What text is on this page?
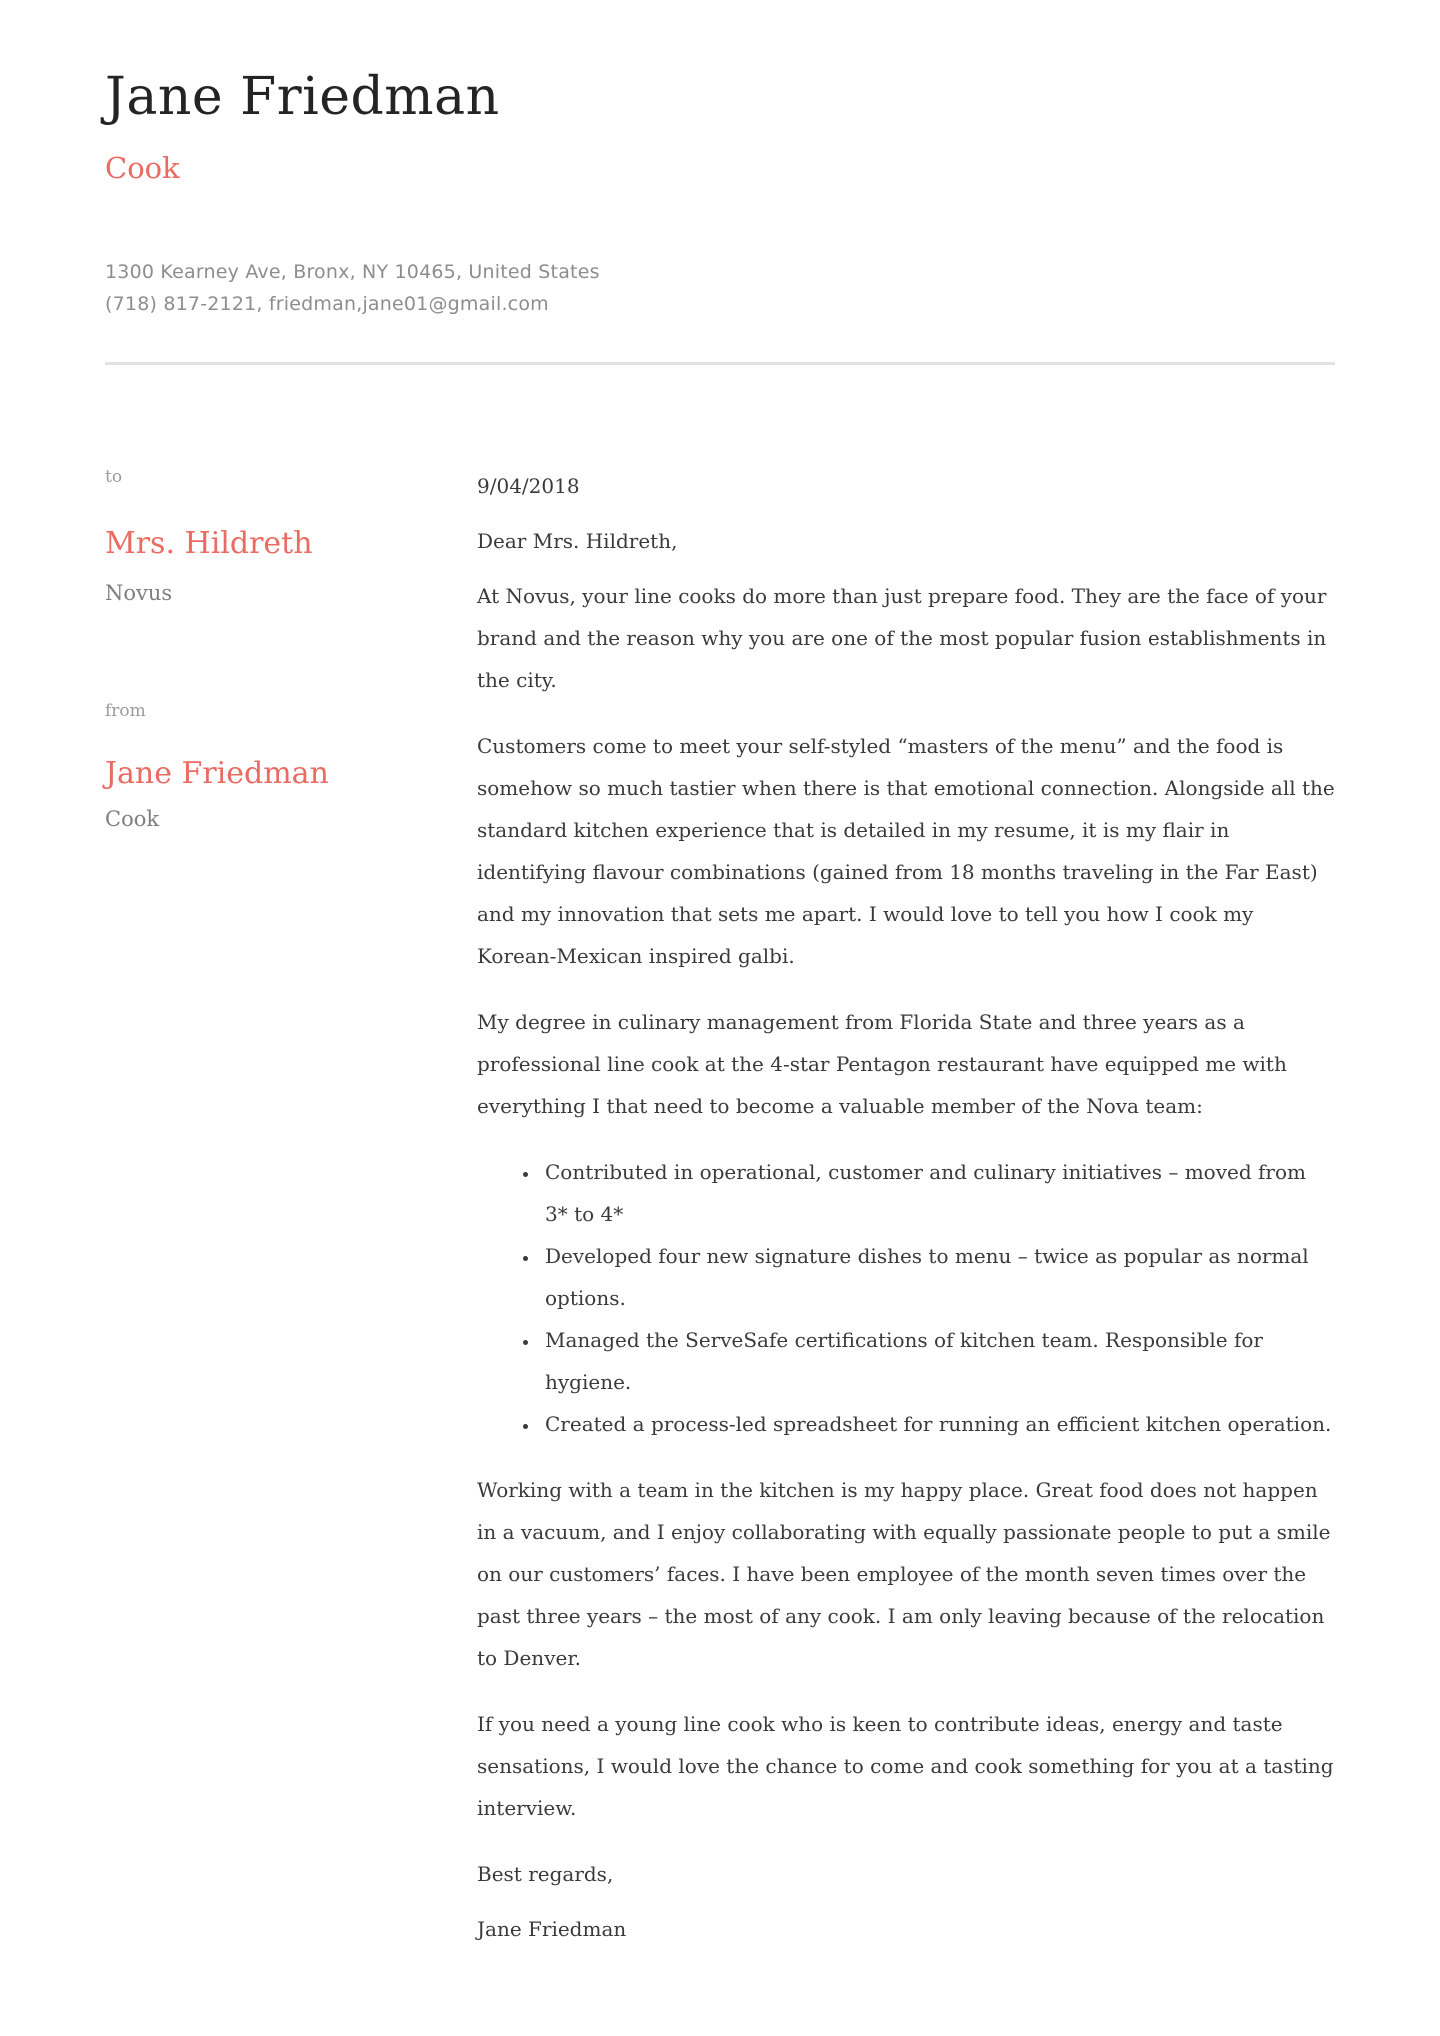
Jane Friedman
Cook
1300 Kearney Ave, Bronx, NY 10465, United States
(718) 817-2121, friedman,jane01@gmail.com
to
Mrs. Hildreth
Novus
from
Jane Friedman
Cook
9/04/2018

Dear Mrs. Hildreth,

At Novus, your line cooks do more than just prepare food. They are the face of your brand and the reason why you are one of the most popular fusion establishments in the city.

Customers come to meet your self-styled “masters of the menu” and the food is somehow so much tastier when there is that emotional connection. Alongside all the standard kitchen experience that is detailed in my resume, it is my flair in identifying flavour combinations (gained from 18 months traveling in the Far East) and my innovation that sets me apart. I would love to tell you how I cook my Korean-Mexican inspired galbi.

My degree in culinary management from Florida State and three years as a professional line cook at the 4-star Pentagon restaurant have equipped me with everything I that need to become a valuable member of the Nova team:

• Contributed in operational, customer and culinary initiatives – moved from 3* to 4*
• Developed four new signature dishes to menu – twice as popular as normal options.
• Managed the ServeSafe certifications of kitchen team. Responsible for hygiene.
• Created a process-led spreadsheet for running an efficient kitchen operation.

Working with a team in the kitchen is my happy place. Great food does not happen in a vacuum, and I enjoy collaborating with equally passionate people to put a smile on our customers’ faces. I have been employee of the month seven times over the past three years – the most of any cook. I am only leaving because of the relocation to Denver.

If you need a young line cook who is keen to contribute ideas, energy and taste sensations, I would love the chance to come and cook something for you at a tasting interview.

Best regards,

Jane Friedman
